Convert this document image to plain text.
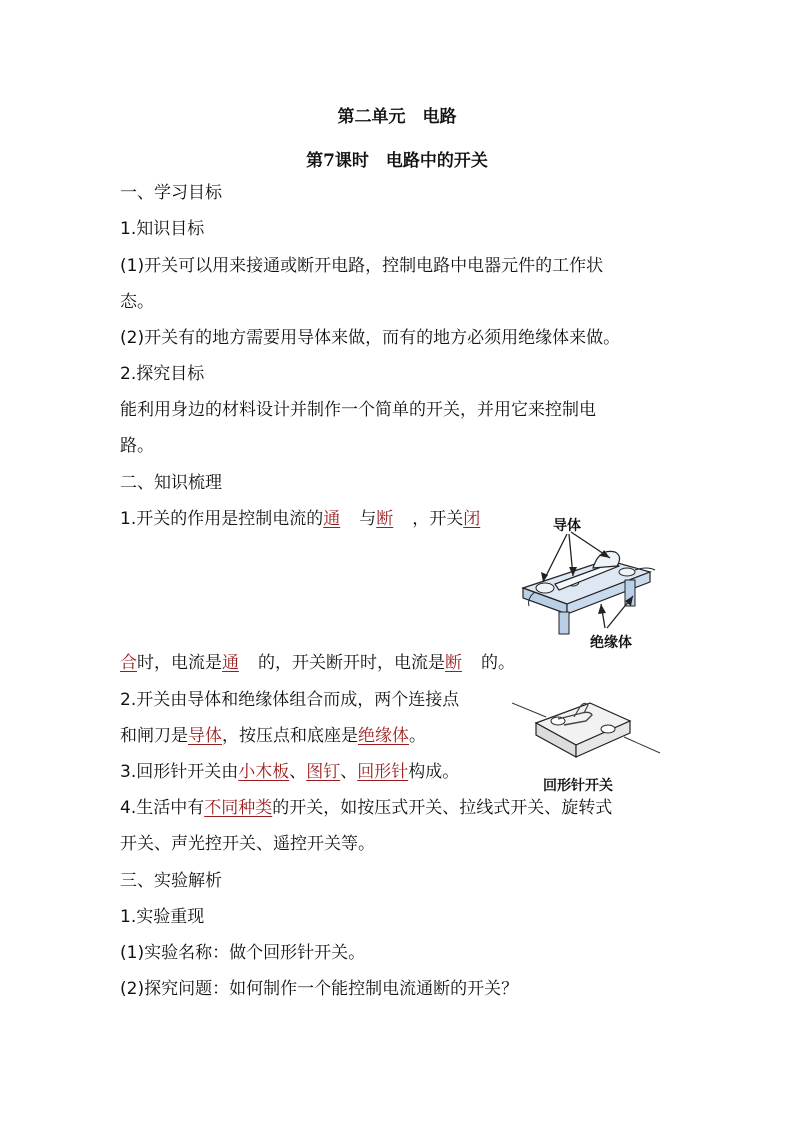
第二单元　电路
第7课时　电路中的开关
一、学习目标
1.知识目标
(1)开关可以用来接通或断开电路，控制电路中电器元件的工作状
态。
(2)开关有的地方需要用导体来做，而有的地方必须用绝缘体来做。
2.探究目标
能利用身边的材料设计并制作一个简单的开关，并用它来控制电
路。
二、知识梳理
1.开关的作用是控制电流的通 与断 ，开关闭
合时，电流是通 的，开关断开时，电流是断 的。
导体
绝缘体
2.开关由导体和绝缘体组合而成，两个连接点
和闸刀是导体，按压点和底座是绝缘体。
回形针开关
3.回形针开关由小木板、图钉、回形针构成。
4.生活中有不同种类的开关，如按压式开关、拉线式开关、旋转式
开关、声光控开关、遥控开关等。
三、实验解析
1.实验重现
(1)实验名称：做个回形针开关。
(2)探究问题：如何制作一个能控制电流通断的开关？
